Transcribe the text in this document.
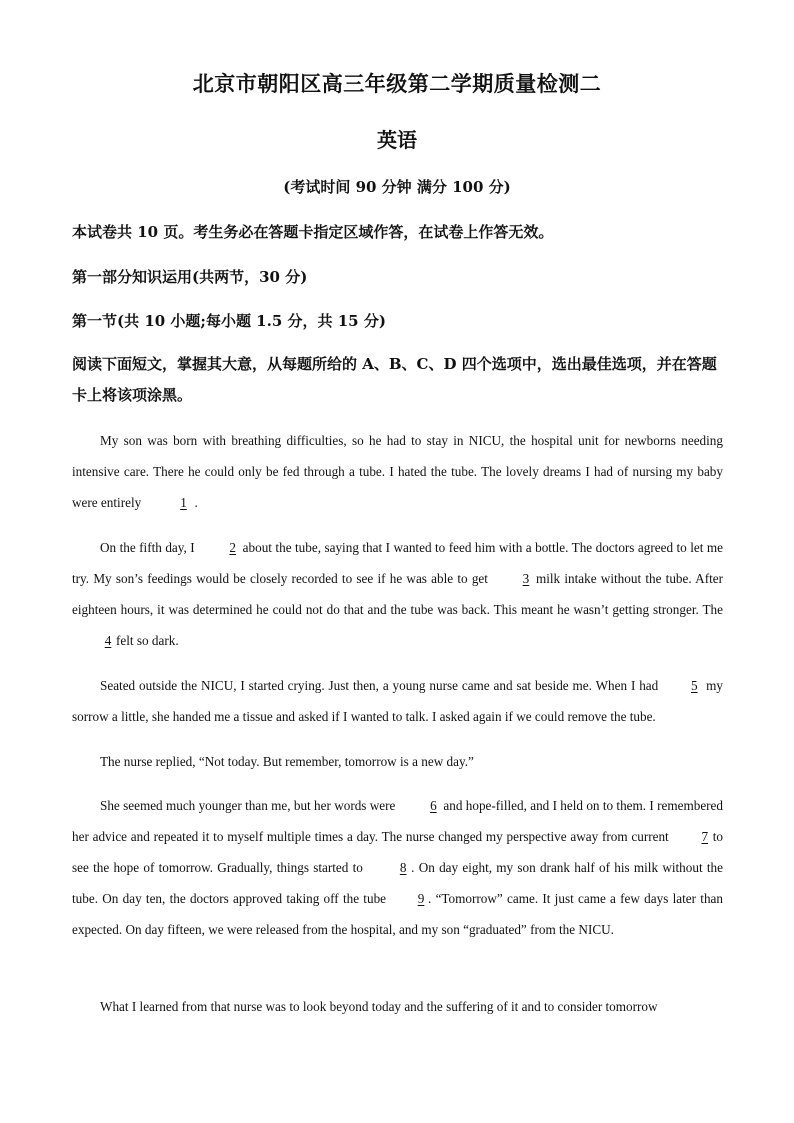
北京市朝阳区高三年级第二学期质量检测二
英语
(考试时间 90 分钟 满分 100 分)
本试卷共 10 页。考生务必在答题卡指定区域作答，在试卷上作答无效。
第一部分知识运用(共两节，30 分)
第一节(共 10 小题;每小题 1.5 分，共 15 分)
阅读下面短文，掌握其大意，从每题所给的 A、B、C、D 四个选项中，选出最佳选项，并在答题卡上将该项涂黑。

My son was born with breathing difficulties, so he had to stay in NICU, the hospital unit for newborns needing intensive care. There he could only be fed through a tube. I hated the tube. The lovely dreams I had of nursing my baby were entirely	1 .

On the fifth day, I	2 about the tube, saying that I wanted to feed him with a bottle. The doctors agreed to let me try. My son’s feedings would be closely recorded to see if he was able to get	3 milk intake without the tube. After eighteen hours, it was determined he could not do that and the tube was back. This meant he wasn’t getting stronger. The4 felt so dark.

Seated outside the NICU, I started crying. Just then, a young nurse came and sat beside me. When I had 5 my sorrow a little, she handed me a tissue and asked if I wanted to talk. I asked again if we could remove the tube.

The nurse replied, “Not today. But remember, tomorrow is a new day.”

She seemed much younger than me, but her words were	6 and hope-filled, and I held on to them. I remembered her advice and repeated it to myself multiple times a day. The nurse changed my perspective away from current 7 to see the hope of tomorrow. Gradually, things started to 8 . On day eight, my son drank half of his milk without the tube. On day ten, the doctors approved taking off the tube 9 . “Tomorrow” came. It just came a few days later than expected. On day fifteen, we were released from the hospital, and my son “graduated” from the NICU.

What I learned from that nurse was to look beyond today and the suffering of it and to consider tomorrow
